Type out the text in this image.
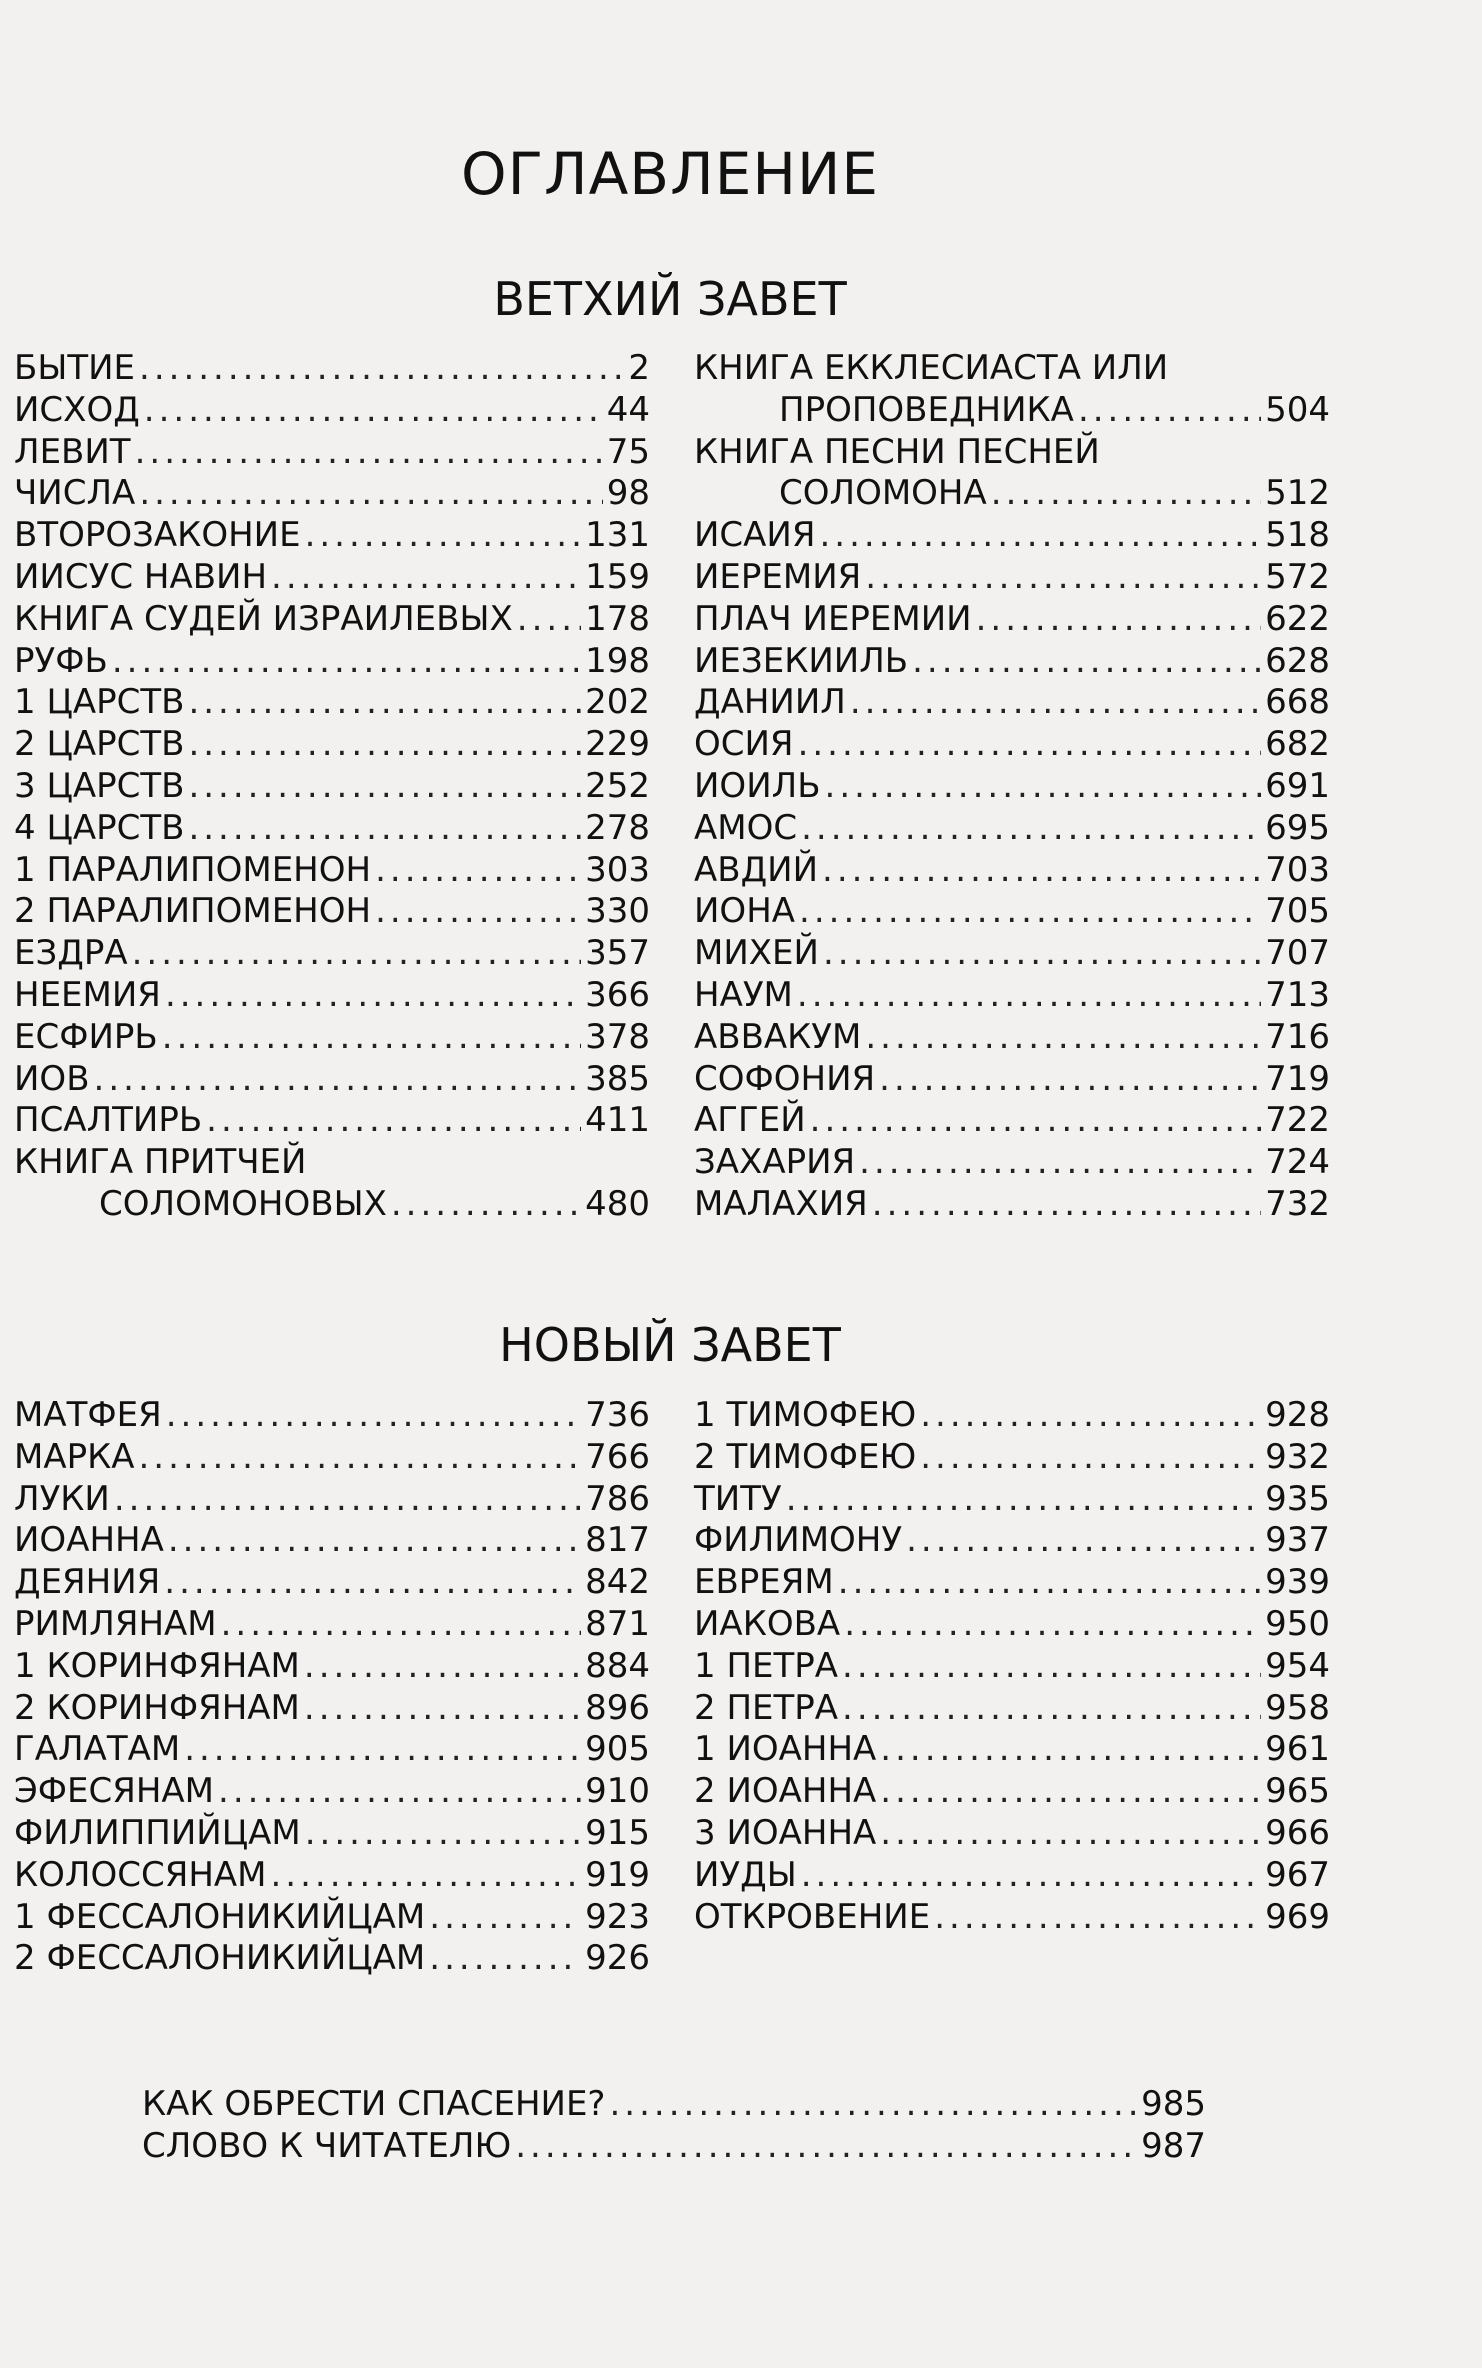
ОГЛАВЛЕНИЕ
ВЕТХИЙ ЗАВЕТ
БЫТИЕ .....	2
ИСХОД .....	44
ЛЕВИТ .....	75
ЧИСЛА .....	98
ВТОРОЗАКОНИЕ .....	131
ИИСУС НАВИН .....	159
КНИГА СУДЕЙ ИЗРАИЛЕВЫХ ..... 178
РУФЬ .....	198
1 ЦАРСТВ .....	202
2 ЦАРСТВ .....	229
3 ЦАРСТВ .....	252
4 ЦАРСТВ .....	278
1 ПАРАЛИПОМЕНОН .....	303
2 ПАРАЛИПОМЕНОН .....	330
ЕЗДРА .....	357
НЕЕМИЯ .....	366
ЕСФИРЬ .....	378
ИОВ .....	385
ПСАЛТИРЬ .....	411
КНИГА ПРИТЧЕЙ
СОЛОМОНОВЫХ .....	480
КНИГА ЕККЛЕСИАСТА ИЛИ
ПРОПОВЕДНИКА .....	504
КНИГА ПЕСНИ ПЕСНЕЙ
СОЛОМОНА .....	512
ИСАИЯ .....	518
ИЕРЕМИЯ .....	572
ПЛАЧ ИЕРЕМИИ .....	622
ИЕЗЕКИИЛЬ .....	628
ДАНИИЛ .....	668
ОСИЯ .....	682
ИОИЛЬ .....	691
АМОС .....	695
АВДИЙ .....	703
ИОНА .....	705
МИХЕЙ .....	707
НАУМ .....	713
АВВАКУМ .....	716
СОФОНИЯ .....	719
АГГЕЙ .....	722
ЗАХАРИЯ .....	724
МАЛАХИЯ .....	732
НОВЫЙ ЗАВЕТ
МАТФЕЯ .....	736
МАРКА .....	766
ЛУКИ .....	786
ИОАННА .....	817
ДЕЯНИЯ .....	842
РИМЛЯНАМ .....	871
1 КОРИНФЯНАМ .....	884
2 КОРИНФЯНАМ .....	896
ГАЛАТАМ .....	905
ЭФЕСЯНАМ .....	910
ФИЛИППИЙЦАМ .....	915
КОЛОССЯНАМ .....	919
1 ФЕССАЛОНИКИЙЦАМ .....	923
2 ФЕССАЛОНИКИЙЦАМ .....	926
1 ТИМОФЕЮ .....	928
2 ТИМОФЕЮ .....	932
ТИТУ .....	935
ФИЛИМОНУ .....	937
ЕВРЕЯМ .....	939
ИАКОВА .....	950
1 ПЕТРА .....	954
2 ПЕТРА .....	958
1 ИОАННА .....	961
2 ИОАННА .....	965
3 ИОАННА .....	966
ИУДЫ .....	967
ОТКРОВЕНИЕ .....	969
КАК ОБРЕСТИ СПАСЕНИЕ? .....	985
СЛОВО К ЧИТАТЕЛЮ .....	987
